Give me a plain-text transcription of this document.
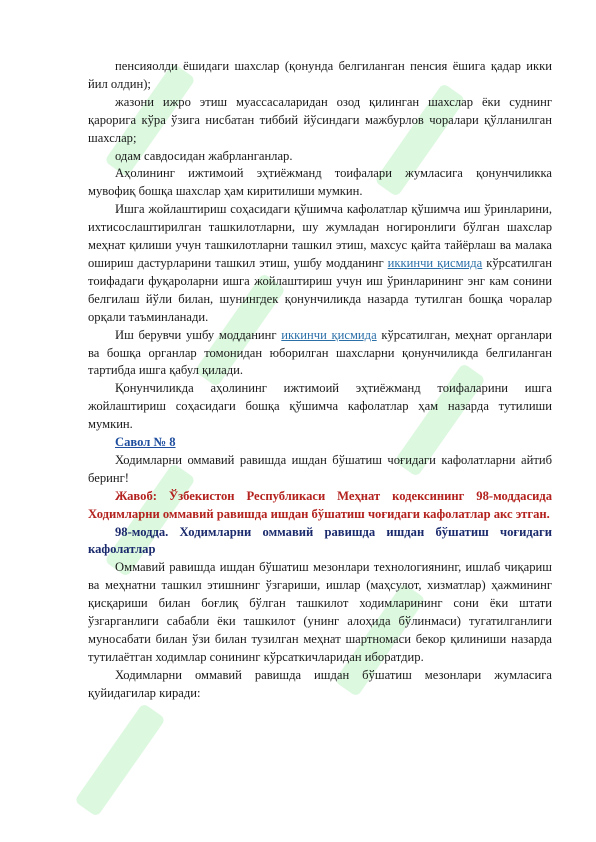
пенсияолди ёшидаги шахслар (қонунда белгиланган пенсия ёшига қадар икки йил олдин);

жазони ижро этиш муассасаларидан озод қилинган шахслар ёки суднинг қарорига кўра ўзига нисбатан тиббий йўсиндаги мажбурлов чоралари қўлланилган шахслар;

одам савдосидан жабрланганлар.

Аҳолининг ижтимоий эҳтиёжманд тоифалари жумласига қонунчиликка мувофиқ бошқа шахслар ҳам киритилиши мумкин.

Ишга жойлаштириш соҳасидаги қўшимча кафолатлар қўшимча иш ўринларини, ихтисослаштирилган ташкилотларни, шу жумладан ногиронлиги бўлган шахслар меҳнат қилиши учун ташкилотларни ташкил этиш, махсус қайта тайёрлаш ва малака ошириш дастурларини ташкил этиш, ушбу модданинг иккинчи қисмида кўрсатилган тоифадаги фуқароларни ишга жойлаштириш учун иш ўринларининг энг кам сонини белгилаш йўли билан, шунингдек қонунчиликда назарда тутилган бошқа чоралар орқали таъминланади.

Иш берувчи ушбу модданинг иккинчи қисмида кўрсатилган, меҳнат органлари ва бошқа органлар томонидан юборилган шахсларни қонунчиликда белгиланган тартибда ишга қабул қилади.

Қонунчиликда аҳолининг ижтимоий эҳтиёжманд тоифаларини ишга жойлаштириш соҳасидаги бошқа қўшимча кафолатлар ҳам назарда тутилиши мумкин.

Савол № 8

Ходимларни оммавий равишда ишдан бўшатиш чоғидаги кафолатларни айтиб беринг!

Жавоб: Ўзбекистон Республикаси Меҳнат кодексининг 98-моддасида Ходимларни оммавий равишда ишдан бўшатиш чоғидаги кафолатлар акс этган.

98-модда. Ходимларни оммавий равишда ишдан бўшатиш чоғидаги кафолатлар

Оммавий равишда ишдан бўшатиш мезонлари технологиянинг, ишлаб чиқариш ва меҳнатни ташкил этишнинг ўзгариши, ишлар (маҳсулот, хизматлар) ҳажмининг қисқариши билан боғлиқ бўлган ташкилот ходимларининг сони ёки штати ўзгарганлиги сабабли ёки ташкилот (унинг алоҳида бўлинмаси) тугатилганлиги муносабати билан ўзи билан тузилган меҳнат шартномаси бекор қилиниши назарда тутилаётган ходимлар сонининг кўрсаткичларидан иборатдир.

Ходимларни оммавий равишда ишдан бўшатиш мезонлари жумласига қуйидагилар киради:
